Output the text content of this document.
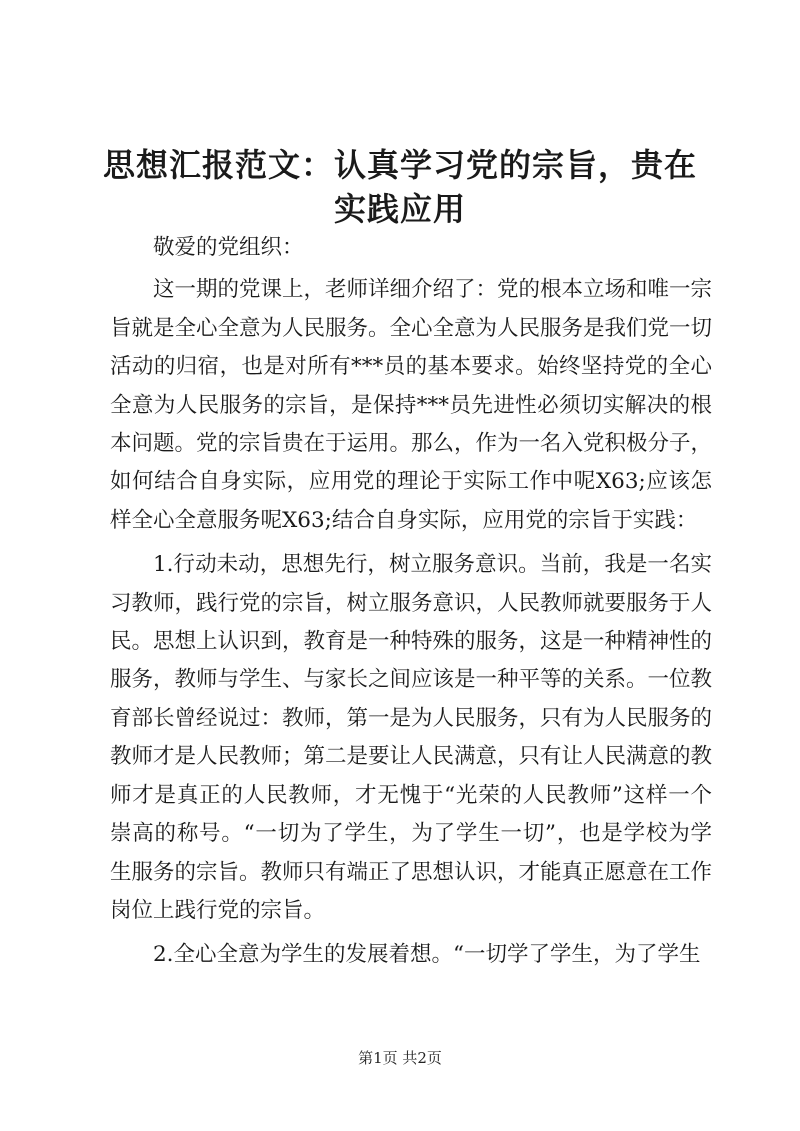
思想汇报范文：认真学习党的宗旨，贵在实践应用

敬爱的党组织：

这一期的党课上，老师详细介绍了：党的根本立场和唯一宗旨就是全心全意为人民服务。全心全意为人民服务是我们党一切活动的归宿，也是对所有***员的基本要求。始终坚持党的全心全意为人民服务的宗旨，是保持***员先进性必须切实解决的根本问题。党的宗旨贵在于运用。那么，作为一名入党积极分子，如何结合自身实际，应用党的理论于实际工作中呢X63;应该怎样全心全意服务呢X63;结合自身实际，应用党的宗旨于实践：

1.行动未动，思想先行，树立服务意识。当前，我是一名实习教师，践行党的宗旨，树立服务意识，人民教师就要服务于人民。思想上认识到，教育是一种特殊的服务，这是一种精神性的服务，教师与学生、与家长之间应该是一种平等的关系。一位教育部长曾经说过：教师，第一是为人民服务，只有为人民服务的教师才是人民教师；第二是要让人民满意，只有让人民满意的教师才是真正的人民教师，才无愧于“光荣的人民教师”这样一个崇高的称号。“一切为了学生，为了学生一切”，也是学校为学生服务的宗旨。教师只有端正了思想认识，才能真正愿意在工作岗位上践行党的宗旨。

2.全心全意为学生的发展着想。“一切学了学生，为了学生

第1页 共2页
